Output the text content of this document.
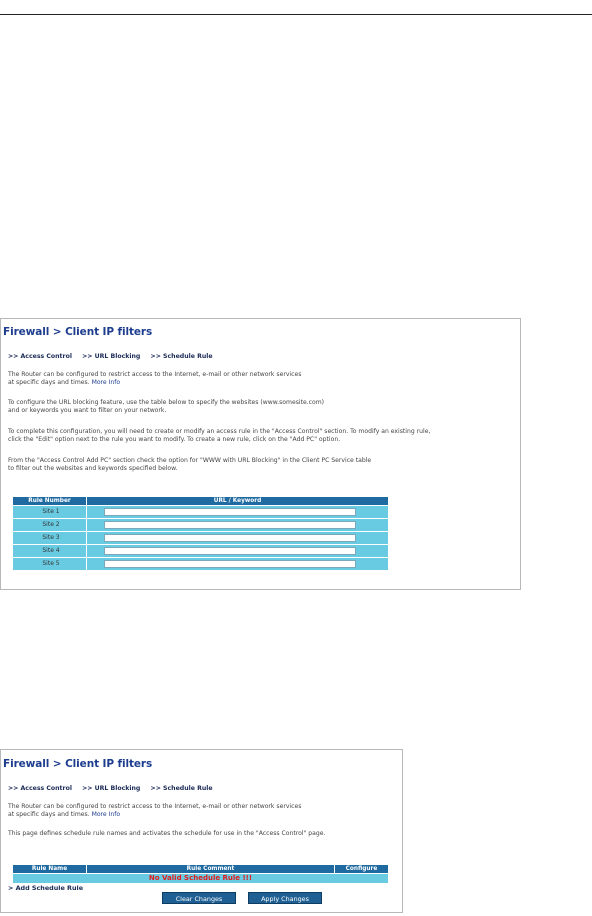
Firewall > Client IP filters
>> Access Control >> URL Blocking >> Schedule Rule
The Router can be configured to restrict access to the Internet, e-mail or other network services
at specific days and times. More Info
To configure the URL blocking feature, use the table below to specify the websites (www.somesite.com)
and or keywords you want to filter on your network.
To complete this configuration, you will need to create or modify an access rule in the "Access Control" section. To modify an existing rule,
click the "Edit" option next to the rule you want to modify. To create a new rule, click on the "Add PC" option.
From the "Access Control Add PC" section check the option for "WWW with URL Blocking" in the Client PC Service table
to filter out the websites and keywords specified below.
Rule Number	URL / Keyword
Site 1
Site 2
Site 3
Site 4
Site 5
Firewall > Client IP filters
>> Access Control >> URL Blocking >> Schedule Rule
The Router can be configured to restrict access to the Internet, e-mail or other network services
at specific days and times. More Info
This page defines schedule rule names and activates the schedule for use in the "Access Control" page.
Rule Name	Rule Comment	Configure
No Valid Schedule Rule !!!
> Add Schedule Rule
Clear Changes	Apply Changes
